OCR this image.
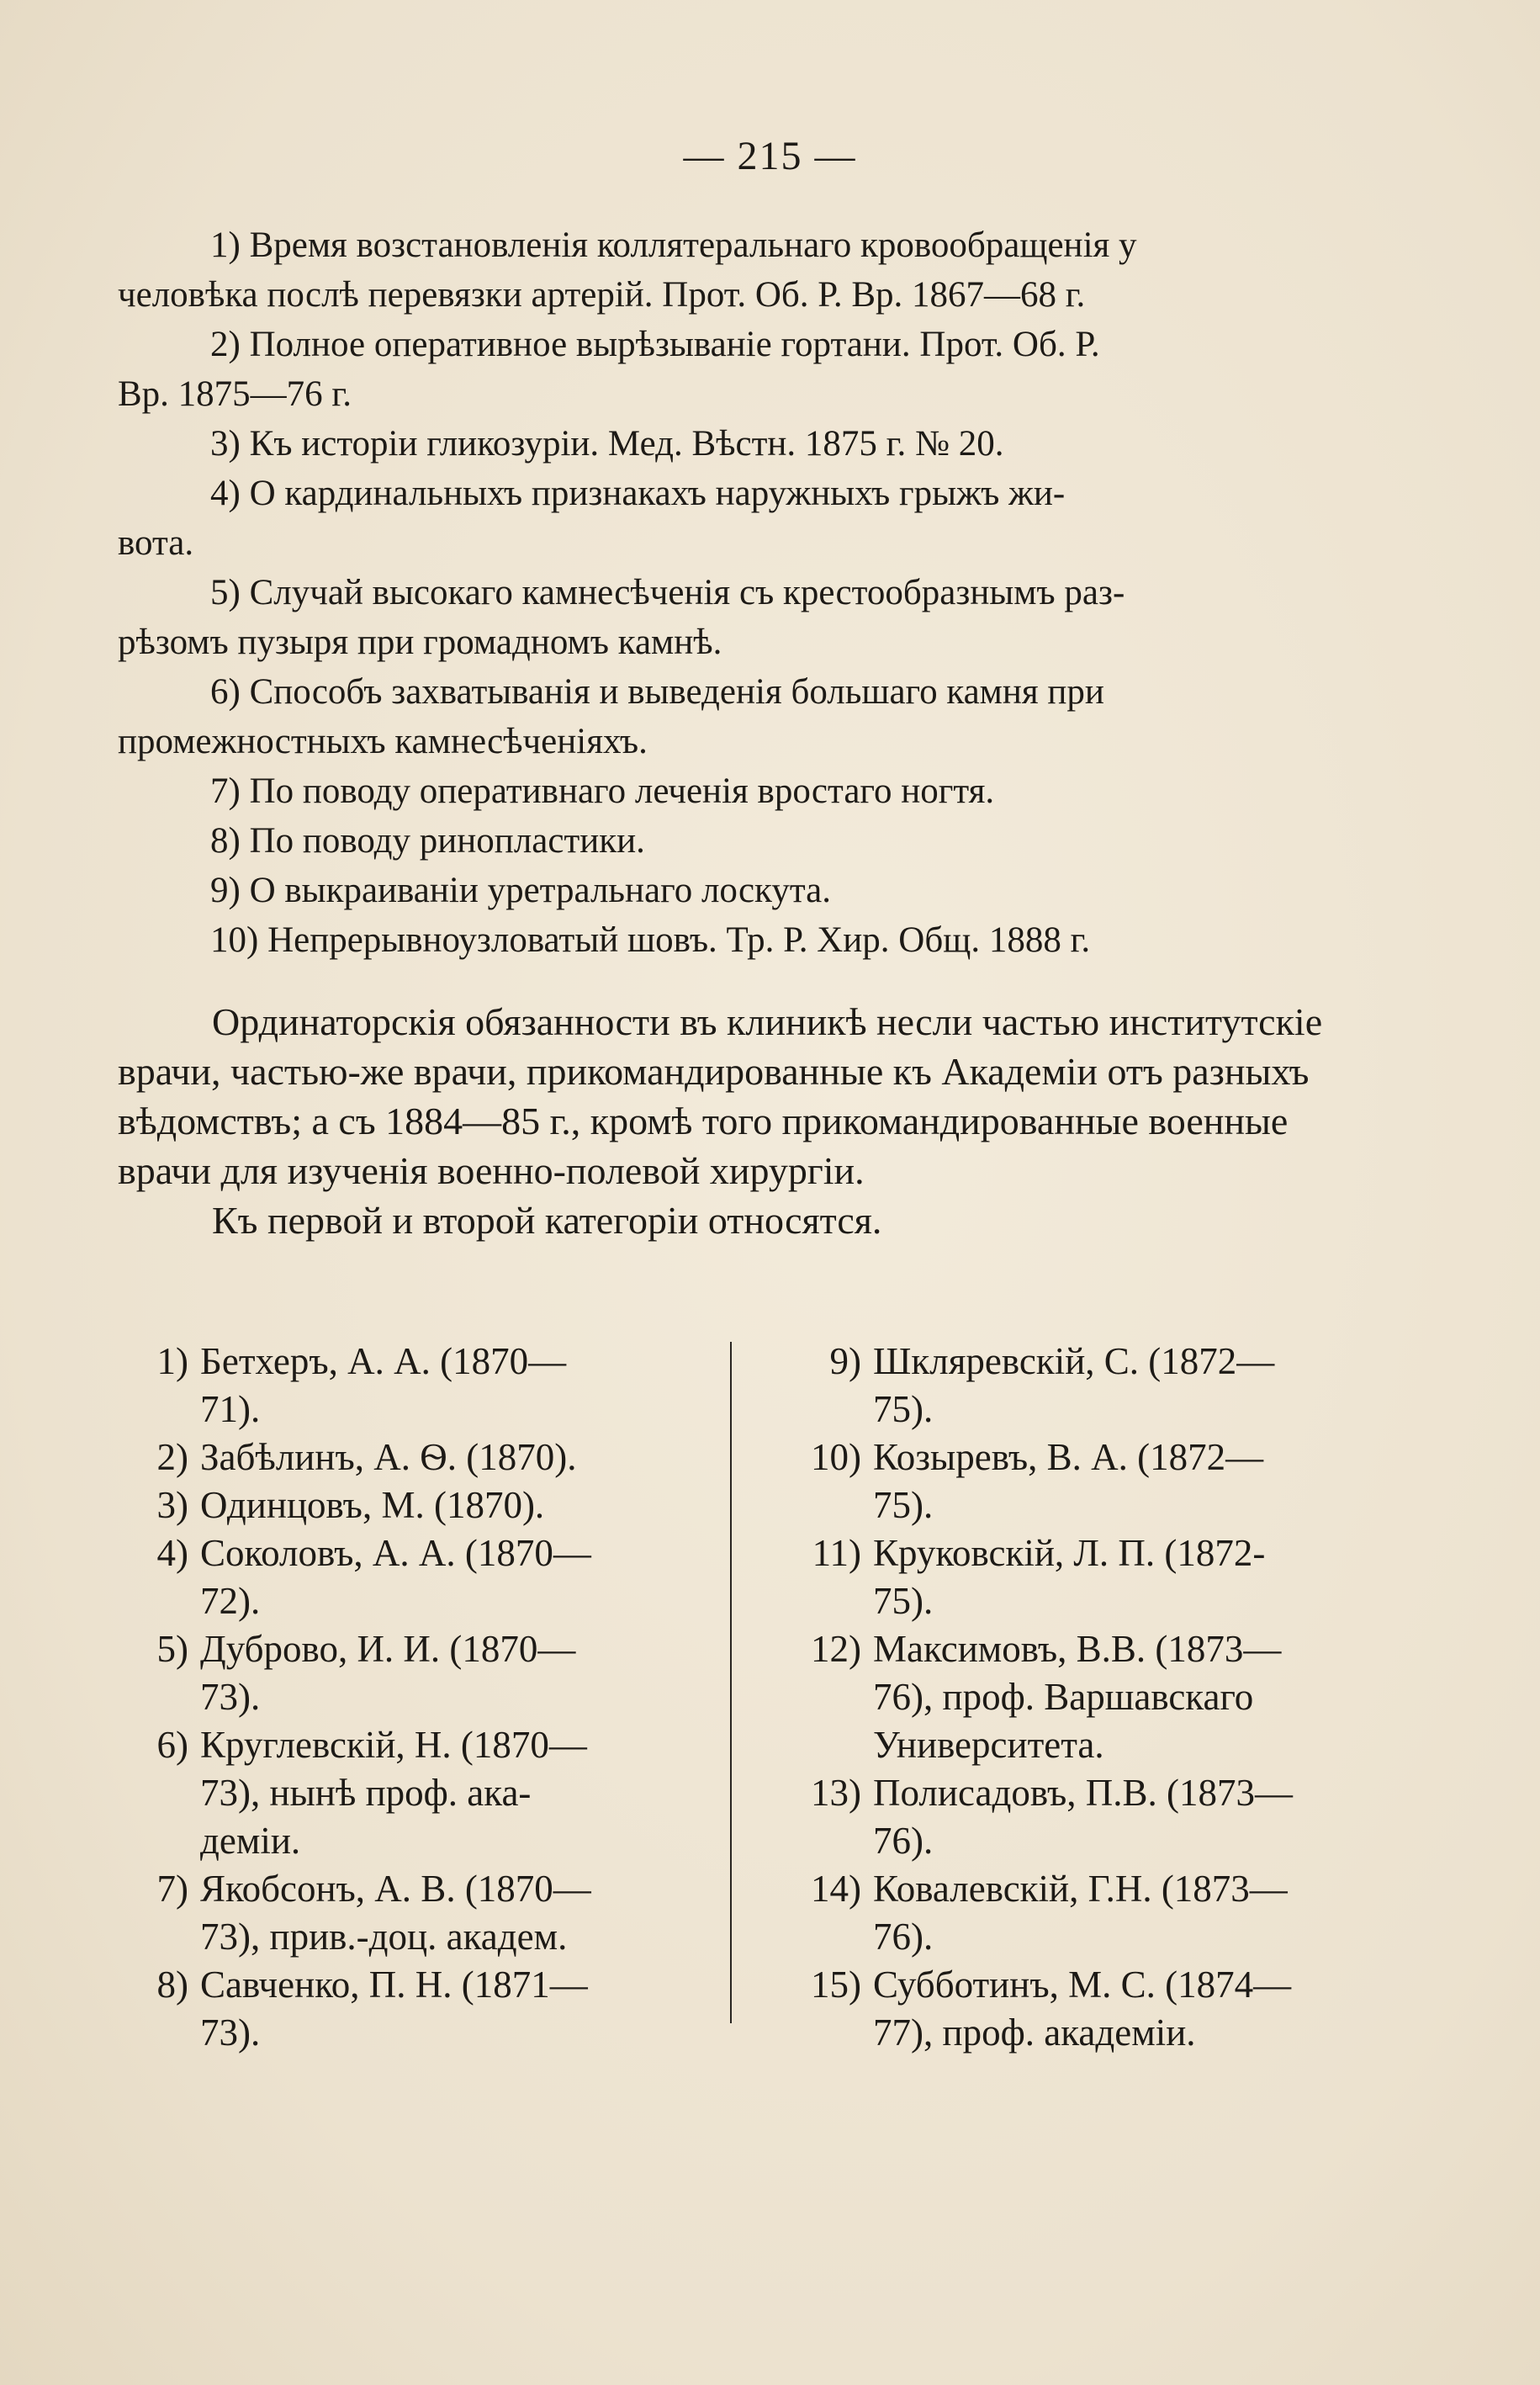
— 215 —
1) Время возстановленія коллятеральнаго кровообращенія у
человѣка послѣ перевязки артерій. Прот. Об. Р. Вр. 1867—68 г.
2) Полное оперативное вырѣзываніе гортани. Прот. Об. Р.
Вр. 1875—76 г.
3) Къ исторіи гликозуріи. Мед. Вѣстн. 1875 г. № 20.
4) О кардинальныхъ признакахъ наружныхъ грыжъ жи-
вота.
5) Случай высокаго камнесѣченія съ крестообразнымъ раз-
рѣзомъ пузыря при громадномъ камнѣ.
6) Способъ захватыванія и выведенія большаго камня при
промежностныхъ камнесѣченіяхъ.
7) По поводу оперативнаго леченія вростаго ногтя.
8) По поводу ринопластики.
9) О выкраиваніи уретральнаго лоскута.
10) Непрерывноузловатый шовъ. Тр. Р. Хир. Общ. 1888 г.

Ординаторскія обязанности въ клиникѣ несли частью институтскіе врачи, частью-же врачи, прикомандированные къ Академіи отъ разныхъ вѣдомствъ; а съ 1884—85 г., кромѣ того прикомандированные военные врачи для изученія военно-полевой хирургіи.

Къ первой и второй категоріи относятся.

1) Бетхеръ, А. А. (1870—
71).
2) Забѣлинъ, А. Ѳ. (1870).
3) Одинцовъ, М. (1870).
4) Соколовъ, А. А. (1870—
72).
5) Дуброво, И. И. (1870—
73).
6) Круглевскій, Н. (1870—
73), нынѣ проф. ака-
деміи.
7) Якобсонъ, А. В. (1870—
73), прив.-доц. академ.
8) Савченко, П. Н. (1871—
73).
9) Шкляревскій, С. (1872—
75).
10) Козыревъ, В. А. (1872—
75).
11) Круковскій, Л. П. (1872-
75).
12) Максимовъ, В.В. (1873—
76), проф. Варшавскаго
Университета.
13) Полисадовъ, П.В. (1873—
76).
14) Ковалевскій, Г.Н. (1873—
76).
15) Субботинъ, М. С. (1874—
77), проф. академіи.
